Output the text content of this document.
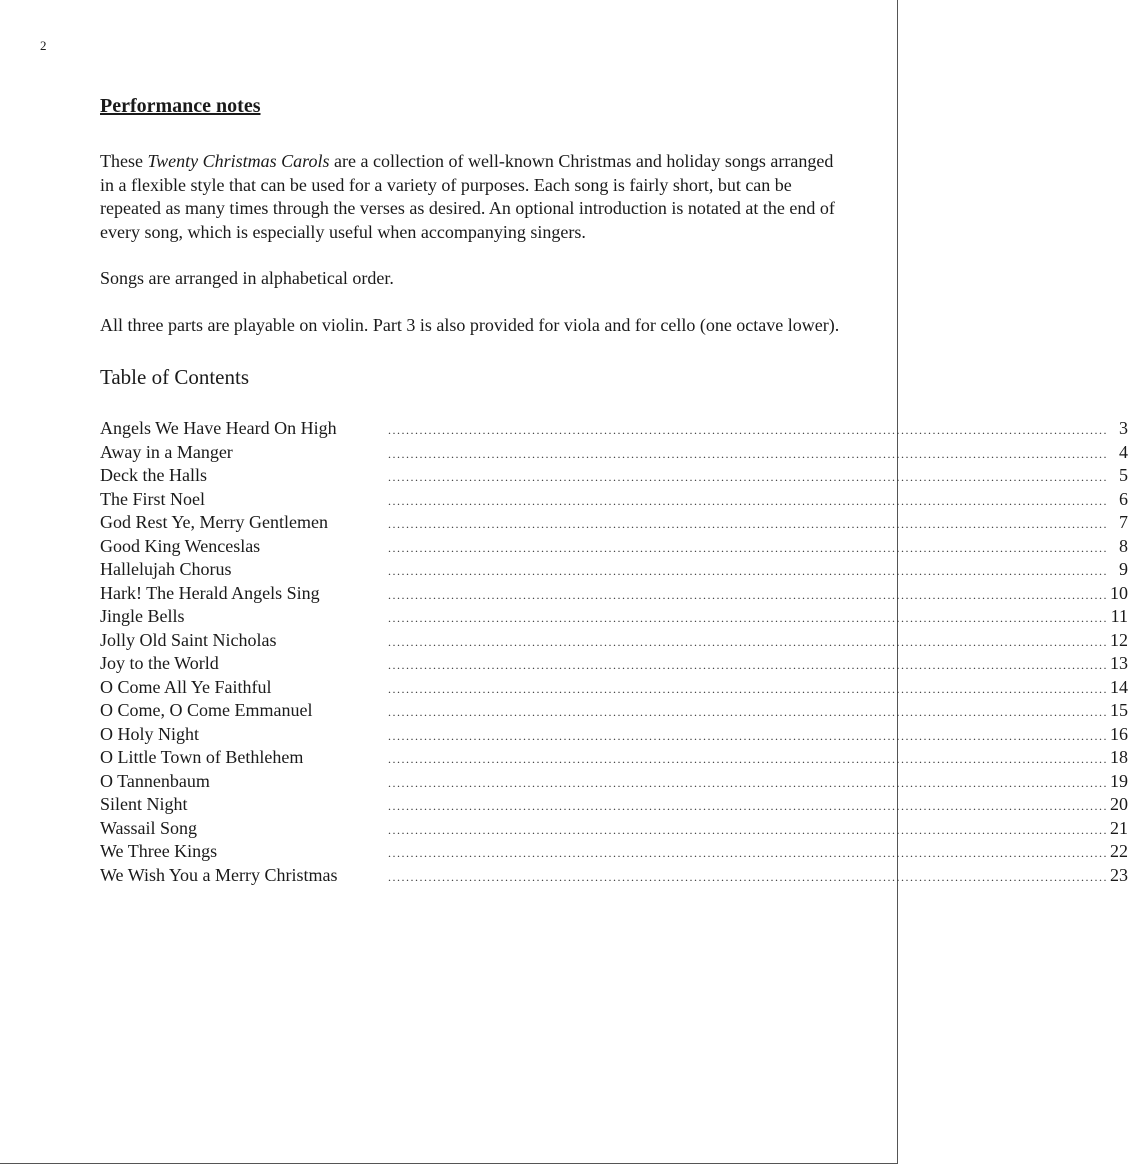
2
Performance notes

These Twenty Christmas Carols are a collection of well-known Christmas and holiday songs arranged in a flexible style that can be used for a variety of purposes. Each song is fairly short, but can be repeated as many times through the verses as desired. An optional introduction is notated at the end of every song, which is especially useful when accompanying singers.

Songs are arranged in alphabetical order.

All three parts are playable on violin. Part 3 is also provided for viola and for cello (one octave lower).

Table of Contents
Angels We Have Heard On High	................................................................................................................................................................ 3
Away in a Manger	................................................................................................................................................................ 4
Deck the Halls	................................................................................................................................................................ 5
The First Noel	................................................................................................................................................................ 6
God Rest Ye, Merry Gentlemen	................................................................................................................................................................ 7
Good King Wenceslas	................................................................................................................................................................ 8
Hallelujah Chorus	................................................................................................................................................................ 9
Hark! The Herald Angels Sing	................................................................................................................................................................ 10
Jingle Bells	................................................................................................................................................................ 11
Jolly Old Saint Nicholas	................................................................................................................................................................ 12
Joy to the World	................................................................................................................................................................ 13
O Come All Ye Faithful	................................................................................................................................................................ 14
O Come, O Come Emmanuel	................................................................................................................................................................ 15
O Holy Night	................................................................................................................................................................ 16
O Little Town of Bethlehem	................................................................................................................................................................ 18
O Tannenbaum	................................................................................................................................................................ 19
Silent Night	................................................................................................................................................................ 20
Wassail Song	................................................................................................................................................................ 21
We Three Kings	................................................................................................................................................................ 22
We Wish You a Merry Christmas	................................................................................................................................................................ 23
